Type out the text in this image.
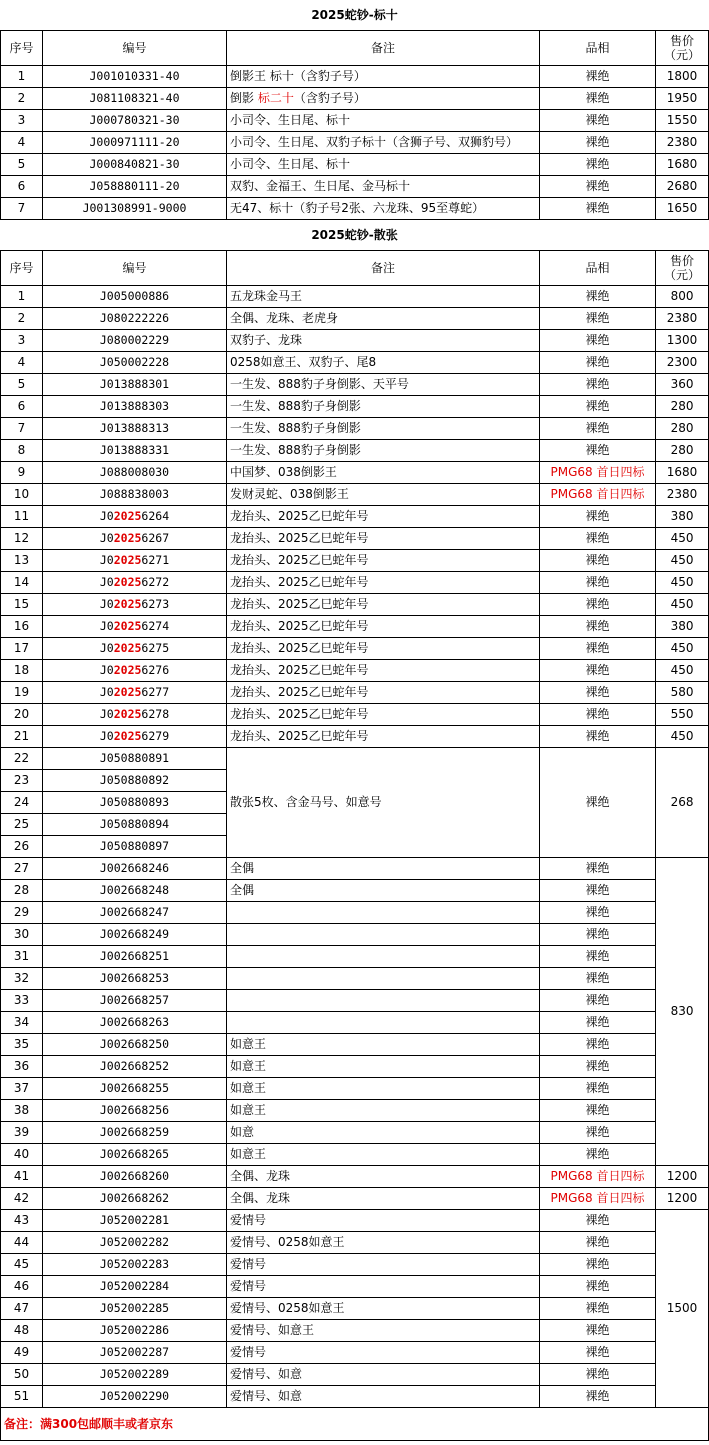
2025蛇钞-标十				
序号	编号	备注	品相	售价
（元）
1	J001010331-40	倒影王 标十（含豹子号）	裸绝	1800
2	J081108321-40	倒影 标二十（含豹子号）	裸绝	1950
3	J000780321-30	小司令、生日尾、标十	裸绝	1550
4	J000971111-20	小司令、生日尾、双豹子标十（含狮子号、双狮豹号）	裸绝	2380
5	J000840821-30	小司令、生日尾、标十	裸绝	1680
6	J058880111-20	双豹、金福王、生日尾、金马标十	裸绝	2680
7	J001308991-9000	无47、标十（豹子号2张、六龙珠、95至尊蛇）	裸绝	1650
2025蛇钞-散张				
序号	编号	备注	品相	售价
（元）
1	J005000886	五龙珠金马王	裸绝	800
2	J080222226	全偶、龙珠、老虎身	裸绝	2380
3	J080002229	双豹子、龙珠	裸绝	1300
4	J050002228	0258如意王、双豹子、尾8	裸绝	2300
5	J013888301	一生发、888豹子身倒影、天平号	裸绝	360
6	J013888303	一生发、888豹子身倒影	裸绝	280
7	J013888313	一生发、888豹子身倒影	裸绝	280
8	J013888331	一生发、888豹子身倒影	裸绝	280
9	J088008030	中国梦、038倒影王	PMG68 首日四标	1680
10	J088838003	发财灵蛇、038倒影王	PMG68 首日四标	2380
11	J020256264	龙抬头、2025乙巳蛇年号	裸绝	380
12	J020256267	龙抬头、2025乙巳蛇年号	裸绝	450
13	J020256271	龙抬头、2025乙巳蛇年号	裸绝	450
14	J020256272	龙抬头、2025乙巳蛇年号	裸绝	450
15	J020256273	龙抬头、2025乙巳蛇年号	裸绝	450
16	J020256274	龙抬头、2025乙巳蛇年号	裸绝	380
17	J020256275	龙抬头、2025乙巳蛇年号	裸绝	450
18	J020256276	龙抬头、2025乙巳蛇年号	裸绝	450
19	J020256277	龙抬头、2025乙巳蛇年号	裸绝	580
20	J020256278	龙抬头、2025乙巳蛇年号	裸绝	550
21	J020256279	龙抬头、2025乙巳蛇年号	裸绝	450
22	J050880891	散张5枚、含金马号、如意号	裸绝	268
23	J050880892			
24	J050880893			
25	J050880894			
26	J050880897			
27	J002668246	全偶	裸绝	830
28	J002668248	全偶	裸绝	
29	J002668247		裸绝	
30	J002668249		裸绝	
31	J002668251		裸绝	
32	J002668253		裸绝	
33	J002668257		裸绝	
34	J002668263		裸绝	
35	J002668250	如意王	裸绝	
36	J002668252	如意王	裸绝	
37	J002668255	如意王	裸绝	
38	J002668256	如意王	裸绝	
39	J002668259	如意	裸绝	
40	J002668265	如意王	裸绝	
41	J002668260	全偶、龙珠	PMG68 首日四标	1200
42	J002668262	全偶、龙珠	PMG68 首日四标	1200
43	J052002281	爱情号	裸绝	1500
44	J052002282	爱情号、0258如意王	裸绝	
45	J052002283	爱情号	裸绝	
46	J052002284	爱情号	裸绝	
47	J052002285	爱情号、0258如意王	裸绝	
48	J052002286	爱情号、如意王	裸绝	
49	J052002287	爱情号	裸绝	
50	J052002289	爱情号、如意	裸绝	
51	J052002290	爱情号、如意	裸绝	
备注：满300包邮顺丰或者京东				
